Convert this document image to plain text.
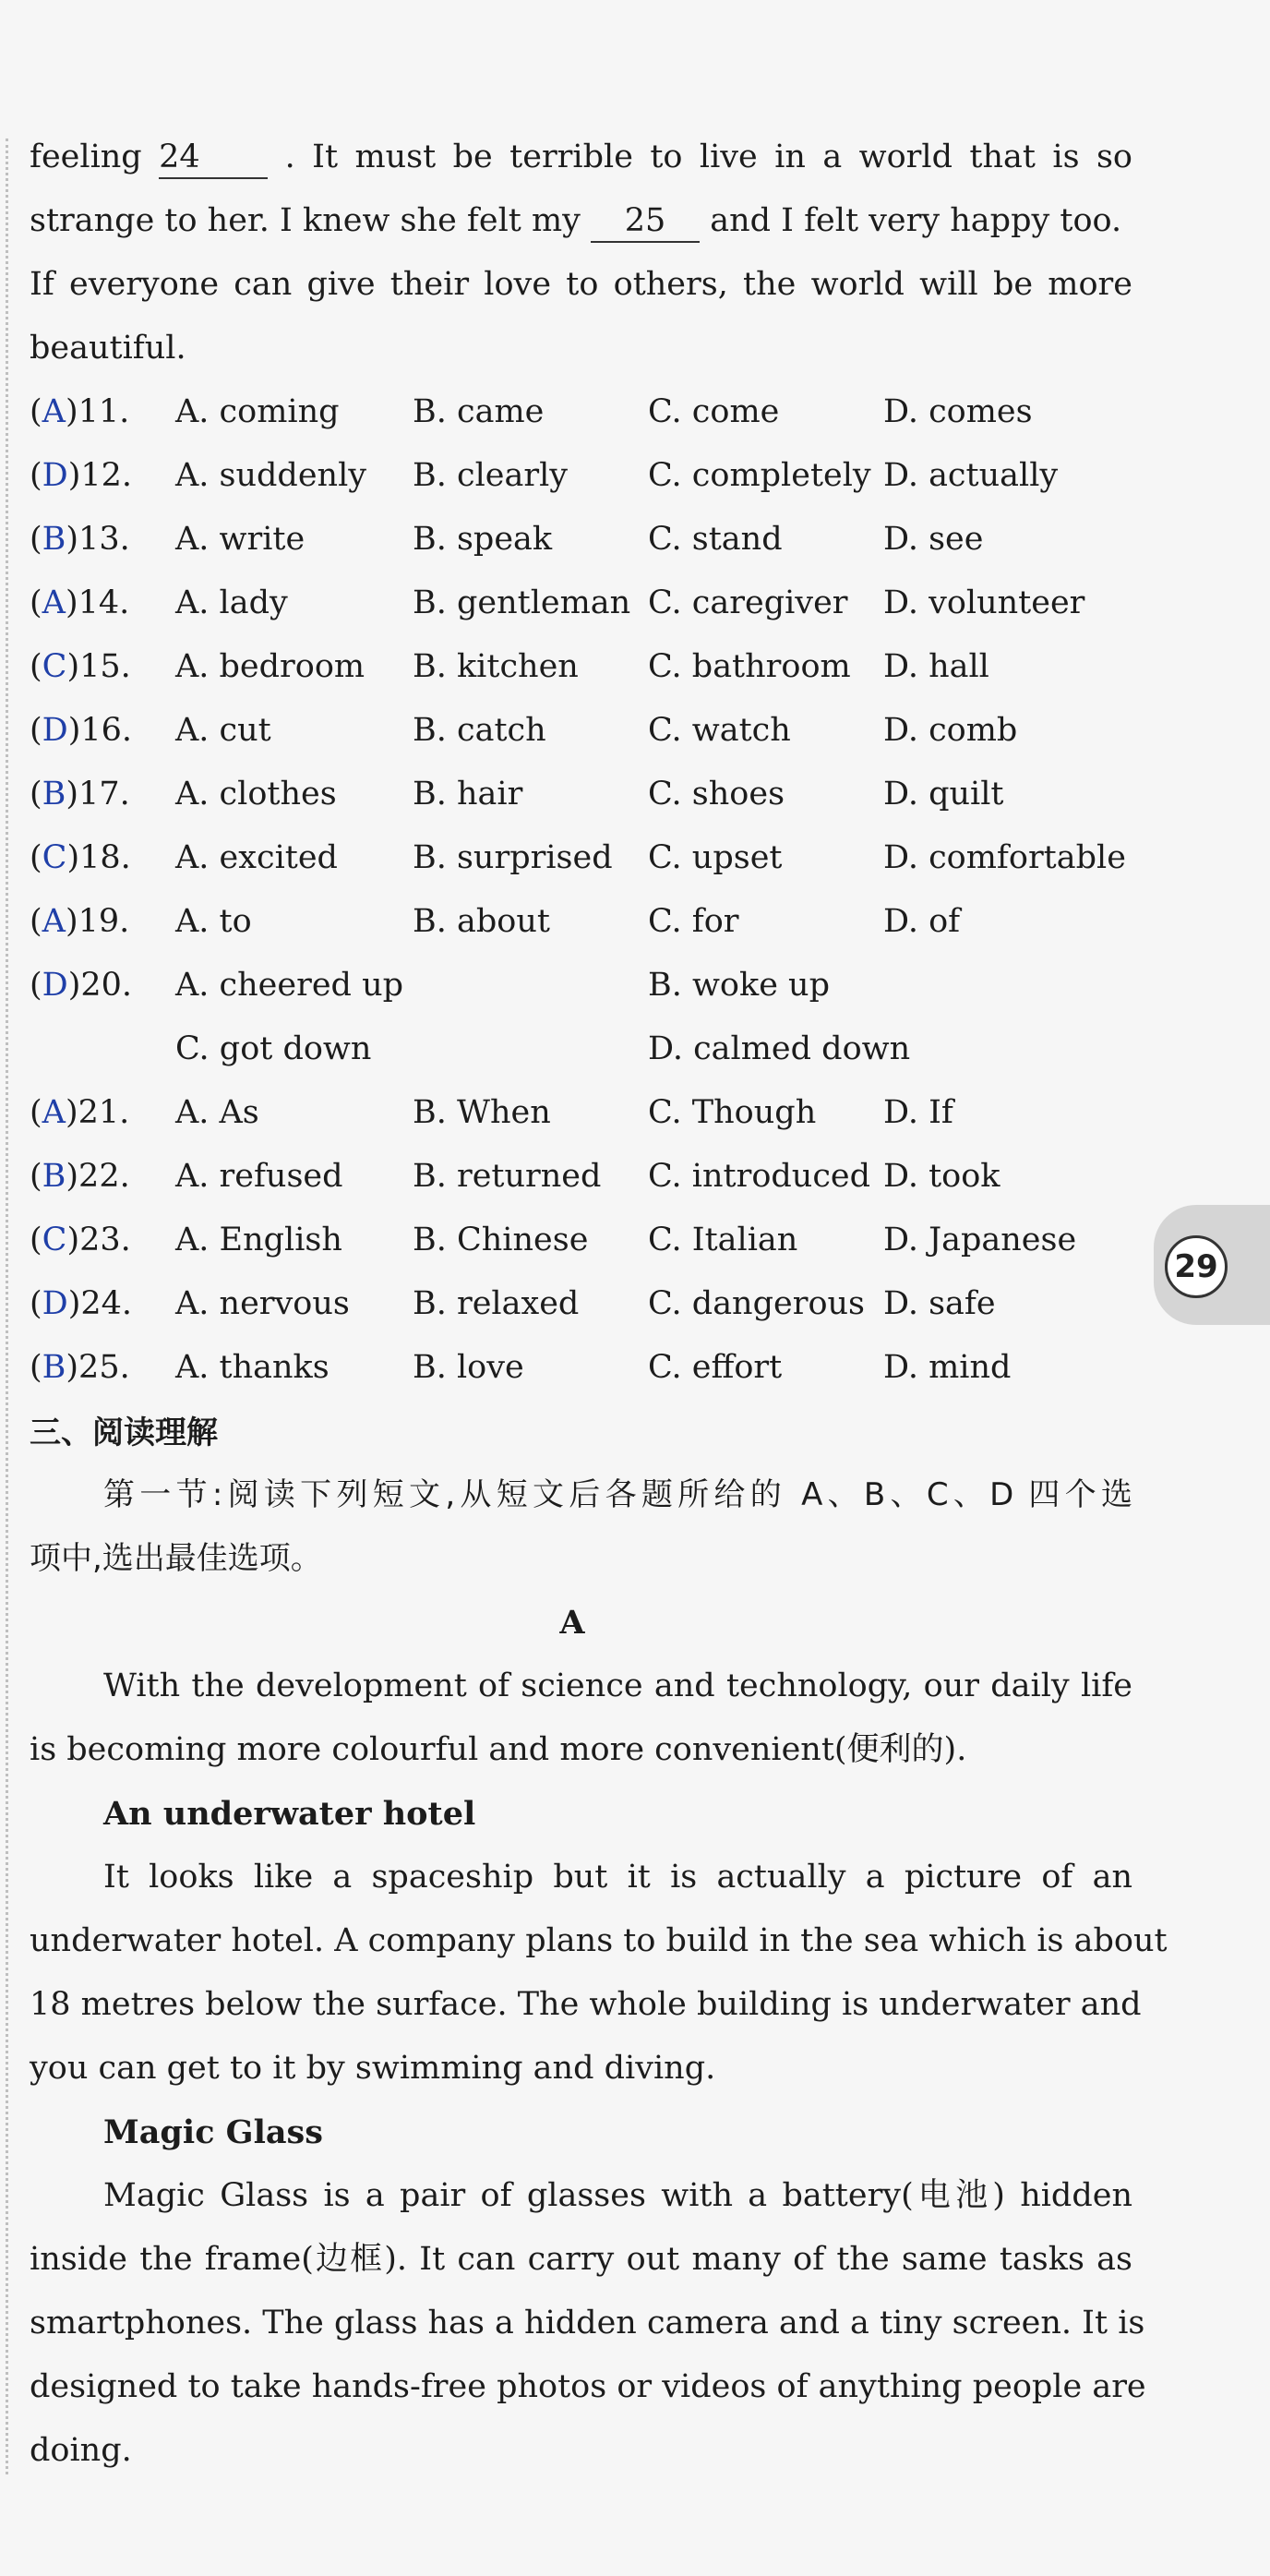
feeling 24	. It must be terrible to live in a world that is so
strange to her. I knew she felt my 25 and I felt very happy too.
If everyone can give their love to others, the world will be more
beautiful.
(A)11. A. coming B. came	C. come	D. comes
(D)12. A. suddenly B. clearly C. completely D. actually
(B)13. A. write	B. speak	C. stand	D. see
(A)14. A. lady	B. gentleman C. caregiver D. volunteer
(C)15. A. bedroom B. kitchen C. bathroom D. hall
(D)16. A. cut	B. catch	C. watch	D. comb
(B)17. A. clothes B. hair	C. shoes	D. quilt
(C)18. A. excited B. surprised C. upset	D. comfortable
(A)19. A. to	B. about	C. for	D. of
(D)20. A. cheered up	B. woke up
C. got down	D. calmed down
(A)21. A. As	B. When	C. Though D. If
(B)22. A. refused B. returned C. introduced D. took
(C)23. A. English B. Chinese C. Italian	D. Japanese
(D)24. A. nervous B. relaxed C. dangerous D. safe
(B)25. A. thanks	B. love	C. effort	D. mind
三、阅读理解
第一节:阅读下列短文,从短文后各题所给的 A、B、C、D 四个选
项中,选出最佳选项。
A
With the development of science and technology, our daily life
is becoming more colourful and more convenient(便利的).
An underwater hotel
It looks like a spaceship but it is actually a picture of an
underwater hotel. A company plans to build in the sea which is about
18 metres below the surface. The whole building is underwater and
you can get to it by swimming and diving.
Magic Glass
Magic Glass is a pair of glasses with a battery(电池) hidden
inside the frame(边框). It can carry out many of the same tasks as
smartphones. The glass has a hidden camera and a tiny screen. It is
designed to take hands-free photos or videos of anything people are
doing.
29
